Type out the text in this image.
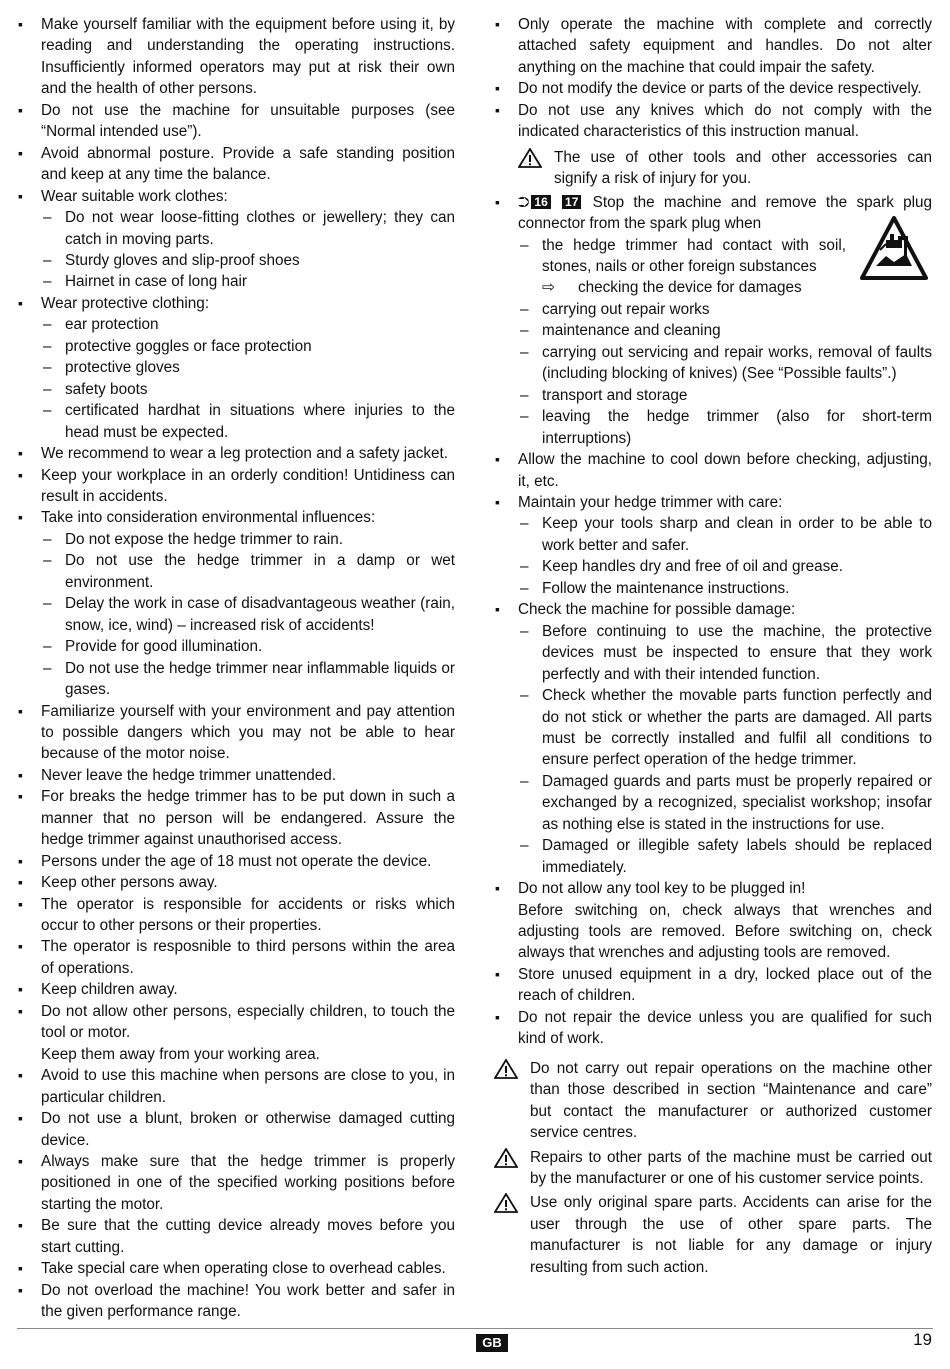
▪ Make yourself familiar with the equipment before using it, by reading and understanding the operating instructions. Insufficiently informed operators may put at risk their own and the health of other persons.
▪ Do not use the machine for unsuitable purposes (see “Normal intended use”).
▪ Avoid abnormal posture. Provide a safe standing position and keep at any time the balance.
▪ Wear suitable work clothes:
– Do not wear loose-fitting clothes or jewellery; they can catch in moving parts.
– Sturdy gloves and slip-proof shoes
– Hairnet in case of long hair
▪ Wear protective clothing:
– ear protection
– protective goggles or face protection
– protective gloves
– safety boots
– certificated hardhat in situations where injuries to the head must be expected.
▪ We recommend to wear a leg protection and a safety jacket.
▪ Keep your workplace in an orderly condition! Untidiness can result in accidents.
▪ Take into consideration environmental influences:
– Do not expose the hedge trimmer to rain.
– Do not use the hedge trimmer in a damp or wet environment.
– Delay the work in case of disadvantageous weather (rain, snow, ice, wind) – increased risk of accidents!
– Provide for good illumination.
– Do not use the hedge trimmer near inflammable liquids or gases.
▪ Familiarize yourself with your environment and pay attention to possible dangers which you may not be able to hear because of the motor noise.
▪ Never leave the hedge trimmer unattended.
▪ For breaks the hedge trimmer has to be put down in such a manner that no person will be endangered. Assure the hedge trimmer against unauthorised access.
▪ Persons under the age of 18 must not operate the device.
▪ Keep other persons away.
▪ The operator is responsible for accidents or risks which occur to other persons or their properties.
▪ The operator is resposnible to third persons within the area of operations.
▪ Keep children away.
▪ Do not allow other persons, especially children, to touch the tool or motor.
Keep them away from your working area.
▪ Avoid to use this machine when persons are close to you, in particular children.
▪ Do not use a blunt, broken or otherwise damaged cutting device.
▪ Always make sure that the hedge trimmer is properly positioned in one of the specified working positions before starting the motor.
▪ Be sure that the cutting device already moves before you start cutting.
▪ Take special care when operating close to overhead cables.
▪ Do not overload the machine! You work better and safer in the given performance range.
▪ Only operate the machine with complete and correctly attached safety equipment and handles. Do not alter anything on the machine that could impair the safety.
▪ Do not modify the device or parts of the device respectively.
▪ Do not use any knives which do not comply with the indicated characteristics of this instruction manual.
The use of other tools and other accessories can signify a risk of injury for you.
▪ ⮊ 16 17 Stop the machine and remove the spark plug connector from the spark plug when
– the hedge trimmer had contact with soil, stones, nails or other foreign substances
⇨ checking the device for damages
– carrying out repair works
– maintenance and cleaning
– carrying out servicing and repair works, removal of faults (including blocking of knives) (See “Possible faults”.)
– transport and storage
– leaving the hedge trimmer (also for short-term interruptions)
▪ Allow the machine to cool down before checking, adjusting, it, etc.
▪ Maintain your hedge trimmer with care:
– Keep your tools sharp and clean in order to be able to work better and safer.
– Keep handles dry and free of oil and grease.
– Follow the maintenance instructions.
▪ Check the machine for possible damage:
– Before continuing to use the machine, the protective devices must be inspected to ensure that they work perfectly and with their intended function.
– Check whether the movable parts function perfectly and do not stick or whether the parts are damaged. All parts must be correctly installed and fulfil all conditions to ensure perfect operation of the hedge trimmer.
– Damaged guards and parts must be properly repaired or exchanged by a recognized, specialist workshop; insofar as nothing else is stated in the instructions for use.
– Damaged or illegible safety labels should be replaced immediately.
▪ Do not allow any tool key to be plugged in!
Before switching on, check always that wrenches and adjusting tools are removed. Before switching on, check always that wrenches and adjusting tools are removed.
▪ Store unused equipment in a dry, locked place out of the reach of children.
▪ Do not repair the device unless you are qualified for such kind of work.
Do not carry out repair operations on the machine other than those described in section “Maintenance and care” but contact the manufacturer or authorized customer service centres.
Repairs to other parts of the machine must be carried out by the manufacturer or one of his customer service points.
Use only original spare parts. Accidents can arise for the user through the use of other spare parts. The manufacturer is not liable for any damage or injury resulting from such action.
GB	19
